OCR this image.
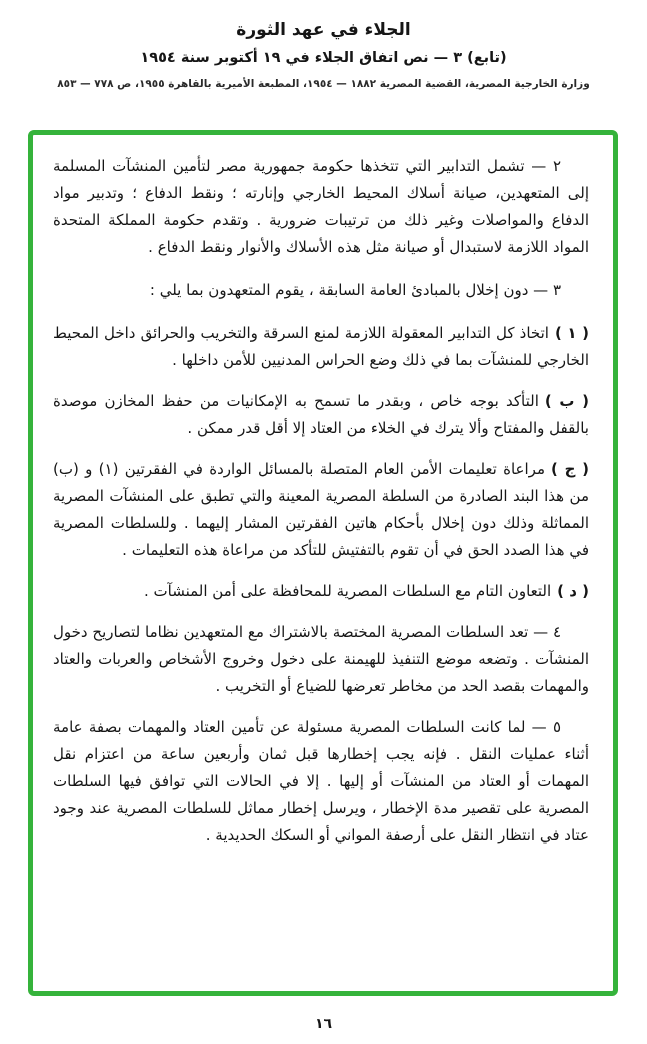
الجلاء في عهد الثورة

(تابع) ٣ — نص اتفاق الجلاء في ١٩ أكتوبر سنة ١٩٥٤

وزارة الخارجية المصرية، القضية المصرية ١٨٨٢ — ١٩٥٤، المطبعة الأميرية بالقاهرة ١٩٥٥، ص ٧٧٨ — ٨٥٣

٢ — تشمل التدابير التي تتخذها حكومة جمهورية مصر لتأمين المنشآت المسلمة إلى المتعهدين، صيانة أسلاك المحيط الخارجي وإنارته ؛ ونقط الدفاع ؛ وتدبير مواد الدفاع والمواصلات وغير ذلك من ترتيبات ضرورية . وتقدم حكومة المملكة المتحدة المواد اللازمة لاستبدال أو صيانة مثل هذه الأسلاك والأنوار ونقط الدفاع .

٣ — دون إخلال بالمبادئ العامة السابقة ، يقوم المتعهدون بما يلي :

( ١ )اتخاذ كل التدابير المعقولة اللازمة لمنع السرقة والتخريب والحرائق داخل المحيط الخارجي للمنشآت بما في ذلك وضع الحراس المدنيين للأمن داخلها .

( ب )التأكد بوجه خاص ، وبقدر ما تسمح به الإمكانيات من حفظ المخازن موصدة بالقفل والمفتاح وألا يترك في الخلاء من العتاد إلا أقل قدر ممكن .

( ج )مراعاة تعليمات الأمن العام المتصلة بالمسائل الواردة في الفقرتين (١) و (ب) من هذا البند الصادرة من السلطة المصرية المعينة والتي تطبق على المنشآت المصرية المماثلة وذلك دون إخلال بأحكام هاتين الفقرتين المشار إليهما . وللسلطات المصرية في هذا الصدد الحق في أن تقوم بالتفتيش للتأكد من مراعاة هذه التعليمات .

( د )التعاون التام مع السلطات المصرية للمحافظة على أمن المنشآت .

٤ — تعد السلطات المصرية المختصة بالاشتراك مع المتعهدين نظاما لتصاريح دخول المنشآت . وتضعه موضع التنفيذ للهيمنة على دخول وخروج الأشخاص والعربات والعتاد والمهمات بقصد الحد من مخاطر تعرضها للضياع أو التخريب .

٥ — لما كانت السلطات المصرية مسئولة عن تأمين العتاد والمهمات بصفة عامة أثناء عمليات النقل . فإنه يجب إخطارها قبل ثمان وأربعين ساعة من اعتزام نقل المهمات أو العتاد من المنشآت أو إليها . إلا في الحالات التي توافق فيها السلطات المصرية على تقصير مدة الإخطار ، ويرسل إخطار مماثل للسلطات المصرية عند وجود عتاد في انتظار النقل على أرصفة المواني أو السكك الحديدية .

١٦
